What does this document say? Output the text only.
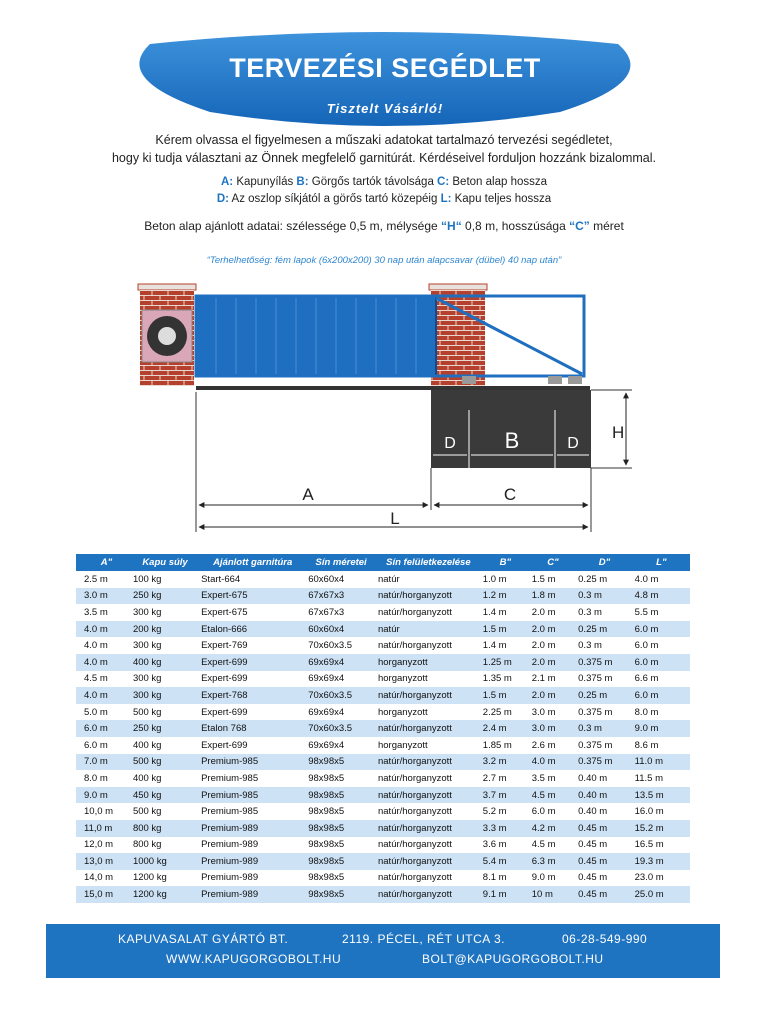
TERVEZÉSI SEGÉDLET
Tisztelt Vásárló!
Kérem olvassa el figyelmesen a műszaki adatokat tartalmazó tervezési segédletet,
hogy ki tudja választani az Önnek megfelelő garnitúrát. Kérdéseivel forduljon hozzánk bizalommal.
A: Kapunyílás B: Görgős tartók távolsága C: Beton alap hossza
D: Az oszlop síkjától a görős tartó közepéig L: Kapu teljes hossza
Beton alap ajánlott adatai: szélessége 0,5 m, mélysége “H“ 0,8 m, hosszúsága “C” méret
“Terhelhetőség: fém lapok (6x200x200) 30 nap után alapcsavar (dübel) 40 nap után”
D B	D
H
A	C
L
A"	Kapu súly	Ajánlott garnitúra	Sín méretei	Sín felületkezelése	B"	C"	D"	L"
2.5 m	100 kg	Start-664	60x60x4	natúr	1.0 m	1.5 m	0.25 m	4.0 m
3.0 m	250 kg	Expert-675	67x67x3	natúr/horganyzott	1.2 m	1.8 m	0.3 m	4.8 m
3.5 m	300 kg	Expert-675	67x67x3	natúr/horganyzott	1.4 m	2.0 m	0.3 m	5.5 m
4.0 m	200 kg	Etalon-666	60x60x4	natúr	1.5 m	2.0 m	0.25 m	6.0 m
4.0 m	300 kg	Expert-769	70x60x3.5	natúr/horganyzott	1.4 m	2.0 m	0.3 m	6.0 m
4.0 m	400 kg	Expert-699	69x69x4	horganyzott	1.25 m	2.0 m	0.375 m	6.0 m
4.5 m	300 kg	Expert-699	69x69x4	horganyzott	1.35 m	2.1 m	0.375 m	6.6 m
4.0 m	300 kg	Expert-768	70x60x3.5	natúr/horganyzott	1.5 m	2.0 m	0.25 m	6.0 m
5.0 m	500 kg	Expert-699	69x69x4	horganyzott	2.25 m	3.0 m	0.375 m	8.0 m
6.0 m	250 kg	Etalon 768	70x60x3.5	natúr/horganyzott	2.4 m	3.0 m	0.3 m	9.0 m
6.0 m	400 kg	Expert-699	69x69x4	horganyzott	1.85 m	2.6 m	0.375 m	8.6 m
7.0 m	500 kg	Premium-985	98x98x5	natúr/horganyzott	3.2 m	4.0 m	0.375 m	11.0 m
8.0 m	400 kg	Premium-985	98x98x5	natúr/horganyzott	2.7 m	3.5 m	0.40 m	11.5 m
9.0 m	450 kg	Premium-985	98x98x5	natúr/horganyzott	3.7 m	4.5 m	0.40 m	13.5 m
10,0 m	500 kg	Premium-985	98x98x5	natúr/horganyzott	5.2 m	6.0 m	0.40 m	16.0 m
11,0 m	800 kg	Premium-989	98x98x5	natúr/horganyzott	3.3 m	4.2 m	0.45 m	15.2 m
12,0 m	800 kg	Premium-989	98x98x5	natúr/horganyzott	3.6 m	4.5 m	0.45 m	16.5 m
13,0 m	1000 kg	Premium-989	98x98x5	natúr/horganyzott	5.4 m	6.3 m	0.45 m	19.3 m
14,0 m	1200 kg	Premium-989	98x98x5	natúr/horganyzott	8.1 m	9.0 m	0.45 m	23.0 m
15,0 m	1200 kg	Premium-989	98x98x5	natúr/horganyzott	9.1 m	10 m	0.45 m	25.0 m
KAPUVASALAT GYÁRTÓ BT.	2119. PÉCEL, RÉT UTCA 3.	06-28-549-990
WWW.KAPUGORGOBOLT.HU	BOLT@KAPUGORGOBOLT.HU
